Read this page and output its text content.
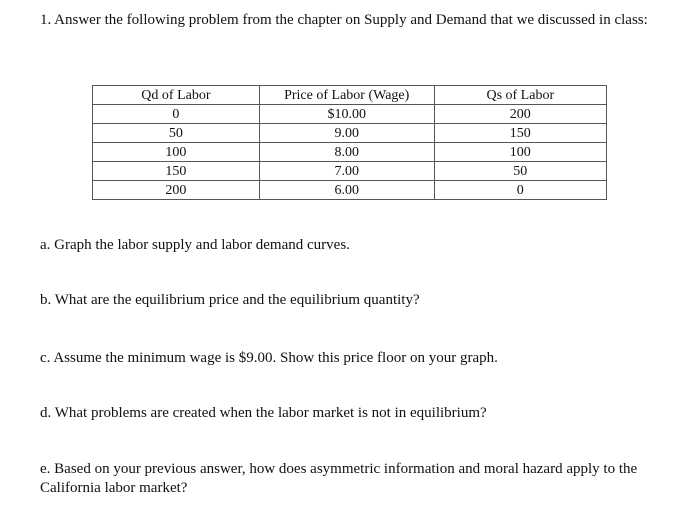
1. Answer the following problem from the chapter on Supply and Demand that we discussed in class:
Qd of Labor	Price of Labor (Wage)	Qs of Labor
0	$10.00	200
50	9.00	150
100	8.00	100
150	7.00	50
200	6.00	0
a. Graph the labor supply and labor demand curves.
b. What are the equilibrium price and the equilibrium quantity?
c. Assume the minimum wage is $9.00. Show this price floor on your graph.
d. What problems are created when the labor market is not in equilibrium?
e. Based on your previous answer, how does asymmetric information and moral hazard apply to the California labor market?
